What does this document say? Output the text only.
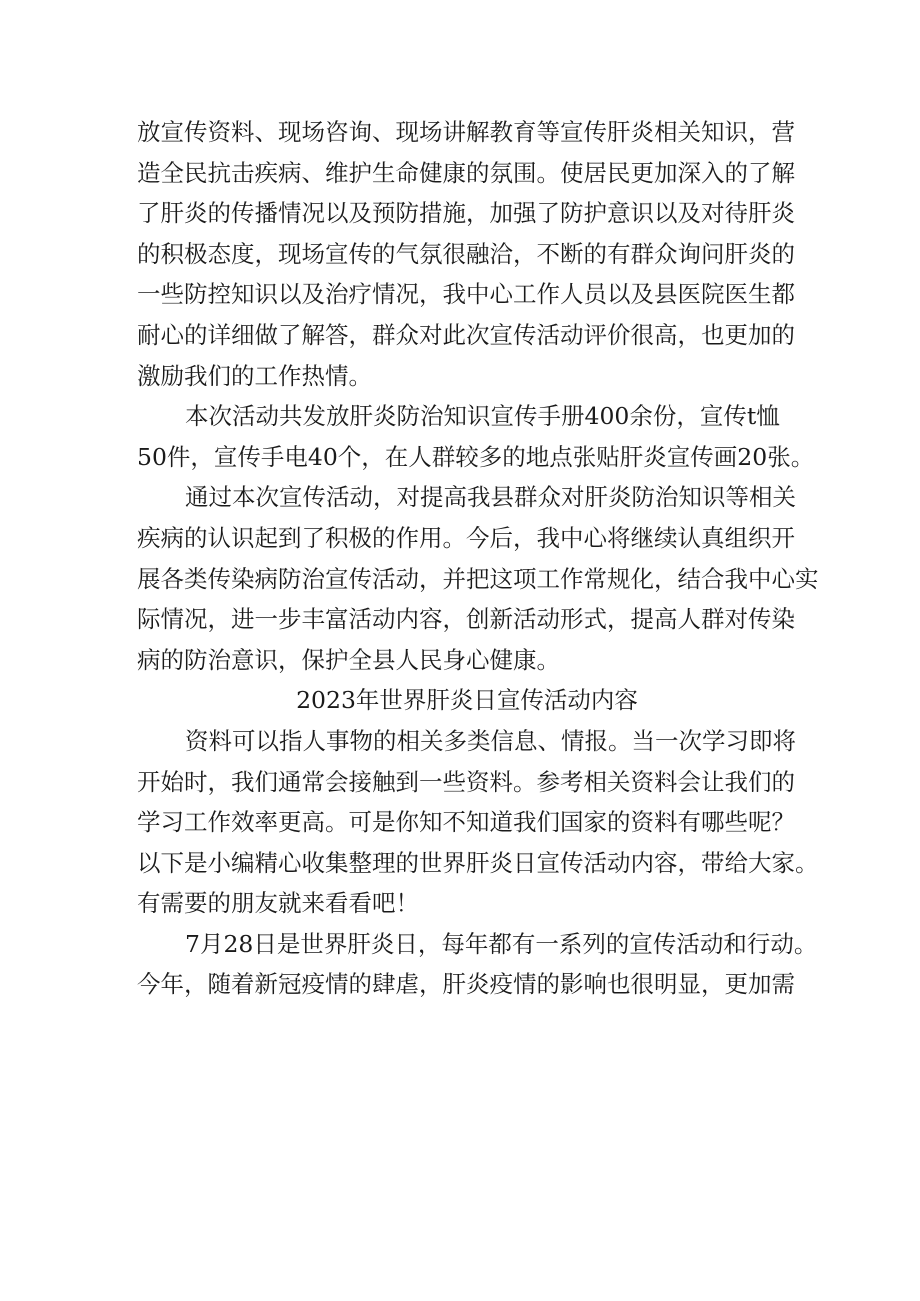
放宣传资料、现场咨询、现场讲解教育等宣传肝炎相关知识，营
造全民抗击疾病、维护生命健康的氛围。使居民更加深入的了解
了肝炎的传播情况以及预防措施，加强了防护意识以及对待肝炎
的积极态度，现场宣传的气氛很融洽，不断的有群众询问肝炎的
一些防控知识以及治疗情况，我中心工作人员以及县医院医生都
耐心的详细做了解答，群众对此次宣传活动评价很高，也更加的
激励我们的工作热情。
本次活动共发放肝炎防治知识宣传手册400余份，宣传t恤
50件，宣传手电40个，在人群较多的地点张贴肝炎宣传画20张。
通过本次宣传活动，对提高我县群众对肝炎防治知识等相关
疾病的认识起到了积极的作用。今后，我中心将继续认真组织开
展各类传染病防治宣传活动，并把这项工作常规化，结合我中心实
际情况，进一步丰富活动内容，创新活动形式，提高人群对传染
病的防治意识，保护全县人民身心健康。
2023年世界肝炎日宣传活动内容
资料可以指人事物的相关多类信息、情报。当一次学习即将
开始时，我们通常会接触到一些资料。参考相关资料会让我们的
学习工作效率更高。可是你知不知道我们国家的资料有哪些呢？
以下是小编精心收集整理的世界肝炎日宣传活动内容，带给大家。
有需要的朋友就来看看吧！
7月28日是世界肝炎日，每年都有一系列的宣传活动和行动。
今年，随着新冠疫情的肆虐，肝炎疫情的影响也很明显，更加需
